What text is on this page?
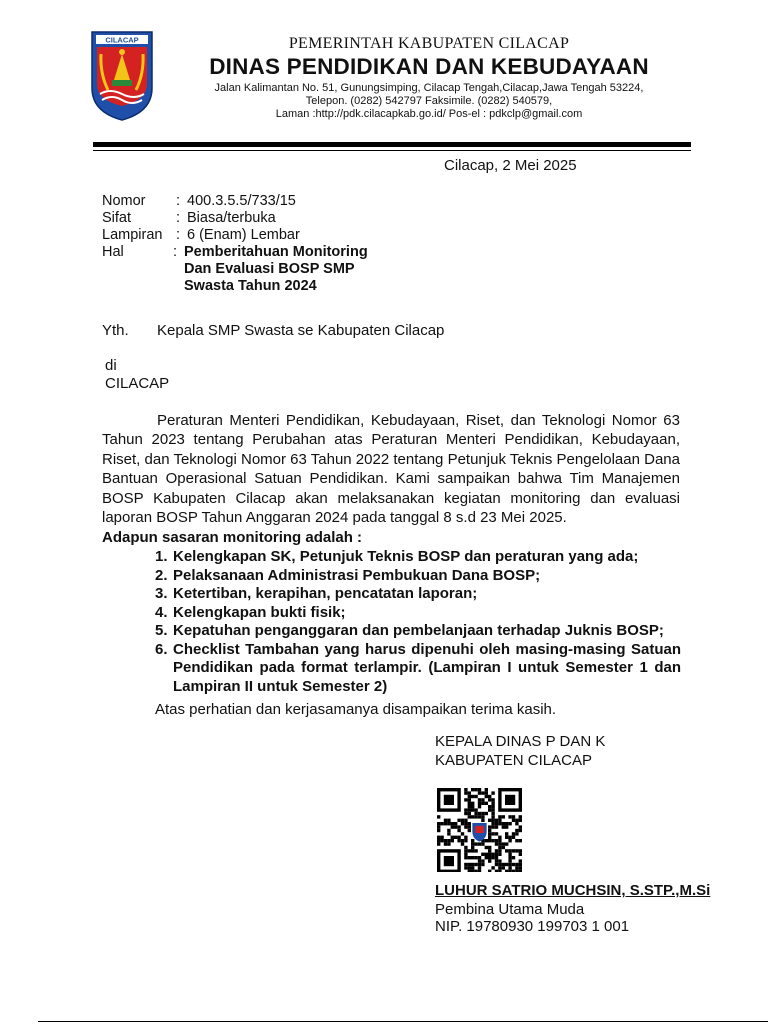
CILACAP	PEMERINTAH KABUPATEN CILACAP
DINAS PENDIDIKAN DAN KEBUDAYAAN
Jalan Kalimantan No. 51, Gunungsimping, Cilacap Tengah,Cilacap,Jawa Tengah 53224,
Telepon. (0282) 542797 Faksimile. (0282) 540579,
Laman :http://pdk.cilacapkab.go.id/ Pos-el : pdkclp@gmail.com
Cilacap, 2 Mei 2025
Nomor : 400.3.5.5/733/15
Sifat	: Biasa/terbuka
Lampiran : 6 (Enam) Lembar
Hal	: Pemberitahuan Monitoring
Dan Evaluasi BOSP SMP
Swasta Tahun 2024
Yth. Kepala SMP Swasta se Kabupaten Cilacap
di
CILACAP
Peraturan Menteri Pendidikan, Kebudayaan, Riset, dan Teknologi Nomor 63 Tahun 2023 tentang Perubahan atas Peraturan Menteri Pendidikan, Kebudayaan, Riset, dan Teknologi Nomor 63 Tahun 2022 tentang Petunjuk Teknis Pengelolaan Dana Bantuan Operasional Satuan Pendidikan. Kami sampaikan bahwa Tim Manajemen BOSP Kabupaten Cilacap akan melaksanakan kegiatan monitoring dan evaluasi laporan BOSP Tahun Anggaran 2024 pada tanggal 8 s.d 23 Mei 2025.
Adapun sasaran monitoring adalah :
1. Kelengkapan SK, Petunjuk Teknis BOSP dan peraturan yang ada;
2. Pelaksanaan Administrasi Pembukuan Dana BOSP;
3. Ketertiban, kerapihan, pencatatan laporan;
4. Kelengkapan bukti fisik;
5. Kepatuhan penganggaran dan pembelanjaan terhadap Juknis BOSP;
6. Checklist Tambahan yang harus dipenuhi oleh masing-masing Satuan Pendidikan pada format terlampir. (Lampiran I untuk Semester 1 dan Lampiran II untuk Semester 2)
Atas perhatian dan kerjasamanya disampaikan terima kasih.
KEPALA DINAS P DAN K
KABUPATEN CILACAP
LUHUR SATRIO MUCHSIN, S.STP.,M.Si
Pembina Utama Muda
NIP. 19780930 199703 1 001
